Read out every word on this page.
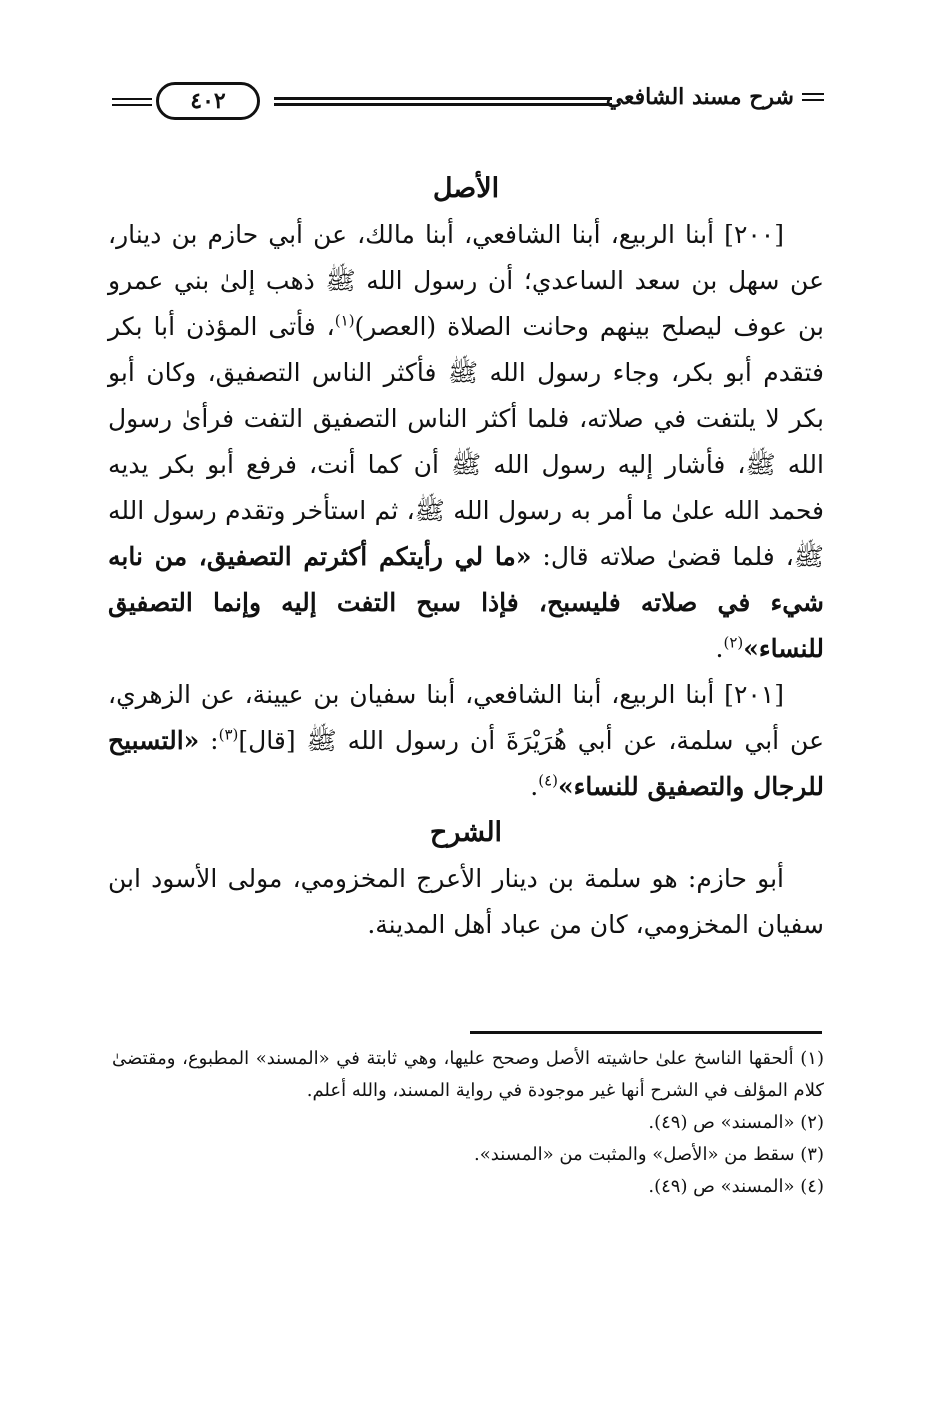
شرح مسند الشافعي
٤٠٢
الأصل

[٢٠٠] أبنا الربيع، أبنا الشافعي، أبنا مالك، عن أبي حازم بن دينار، عن سهل بن سعد الساعدي؛ أن رسول الله ﷺ ذهب إلىٰ بني عمرو بن عوف ليصلح بينهم وحانت الصلاة (العصر)$^{(١)}$، فأتى المؤذن أبا بكر فتقدم أبو بكر، وجاء رسول الله ﷺ فأكثر الناس التصفيق، وكان أبو بكر لا يلتفت في صلاته، فلما أكثر الناس التصفيق التفت فرأىٰ رسول الله ﷺ، فأشار إليه رسول الله ﷺ أن كما أنت، فرفع أبو بكر يديه فحمد الله علىٰ ما أمر به رسول الله ﷺ، ثم استأخر وتقدم رسول الله ﷺ، فلما قضىٰ صلاته قال: «ما لي رأيتكم أكثرتم التصفيق، من نابه شيء في صلاته فليسبح، فإذا سبح التفت إليه وإنما التصفيق للنساء»$^{(٢)}$.

[٢٠١] أبنا الربيع، أبنا الشافعي، أبنا سفيان بن عيينة، عن الزهري، عن أبي سلمة، عن أبي هُرَيْرَةَ أن رسول الله ﷺ [قال]$^{(٣)}$: «التسبيح للرجال والتصفيق للنساء»$^{(٤)}$.

الشرح

أبو حازم: هو سلمة بن دينار الأعرج المخزومي، مولى الأسود ابن سفيان المخزومي، كان من عباد أهل المدينة.

(١) ألحقها الناسخ علىٰ حاشيته الأصل وصحح عليها، وهي ثابتة في «المسند» المطبوع، ومقتضىٰ كلام المؤلف في الشرح أنها غير موجودة في رواية المسند، والله أعلم.

(٢) «المسند» ص (٤٩).

(٣) سقط من «الأصل» والمثبت من «المسند».

(٤) «المسند» ص (٤٩).
